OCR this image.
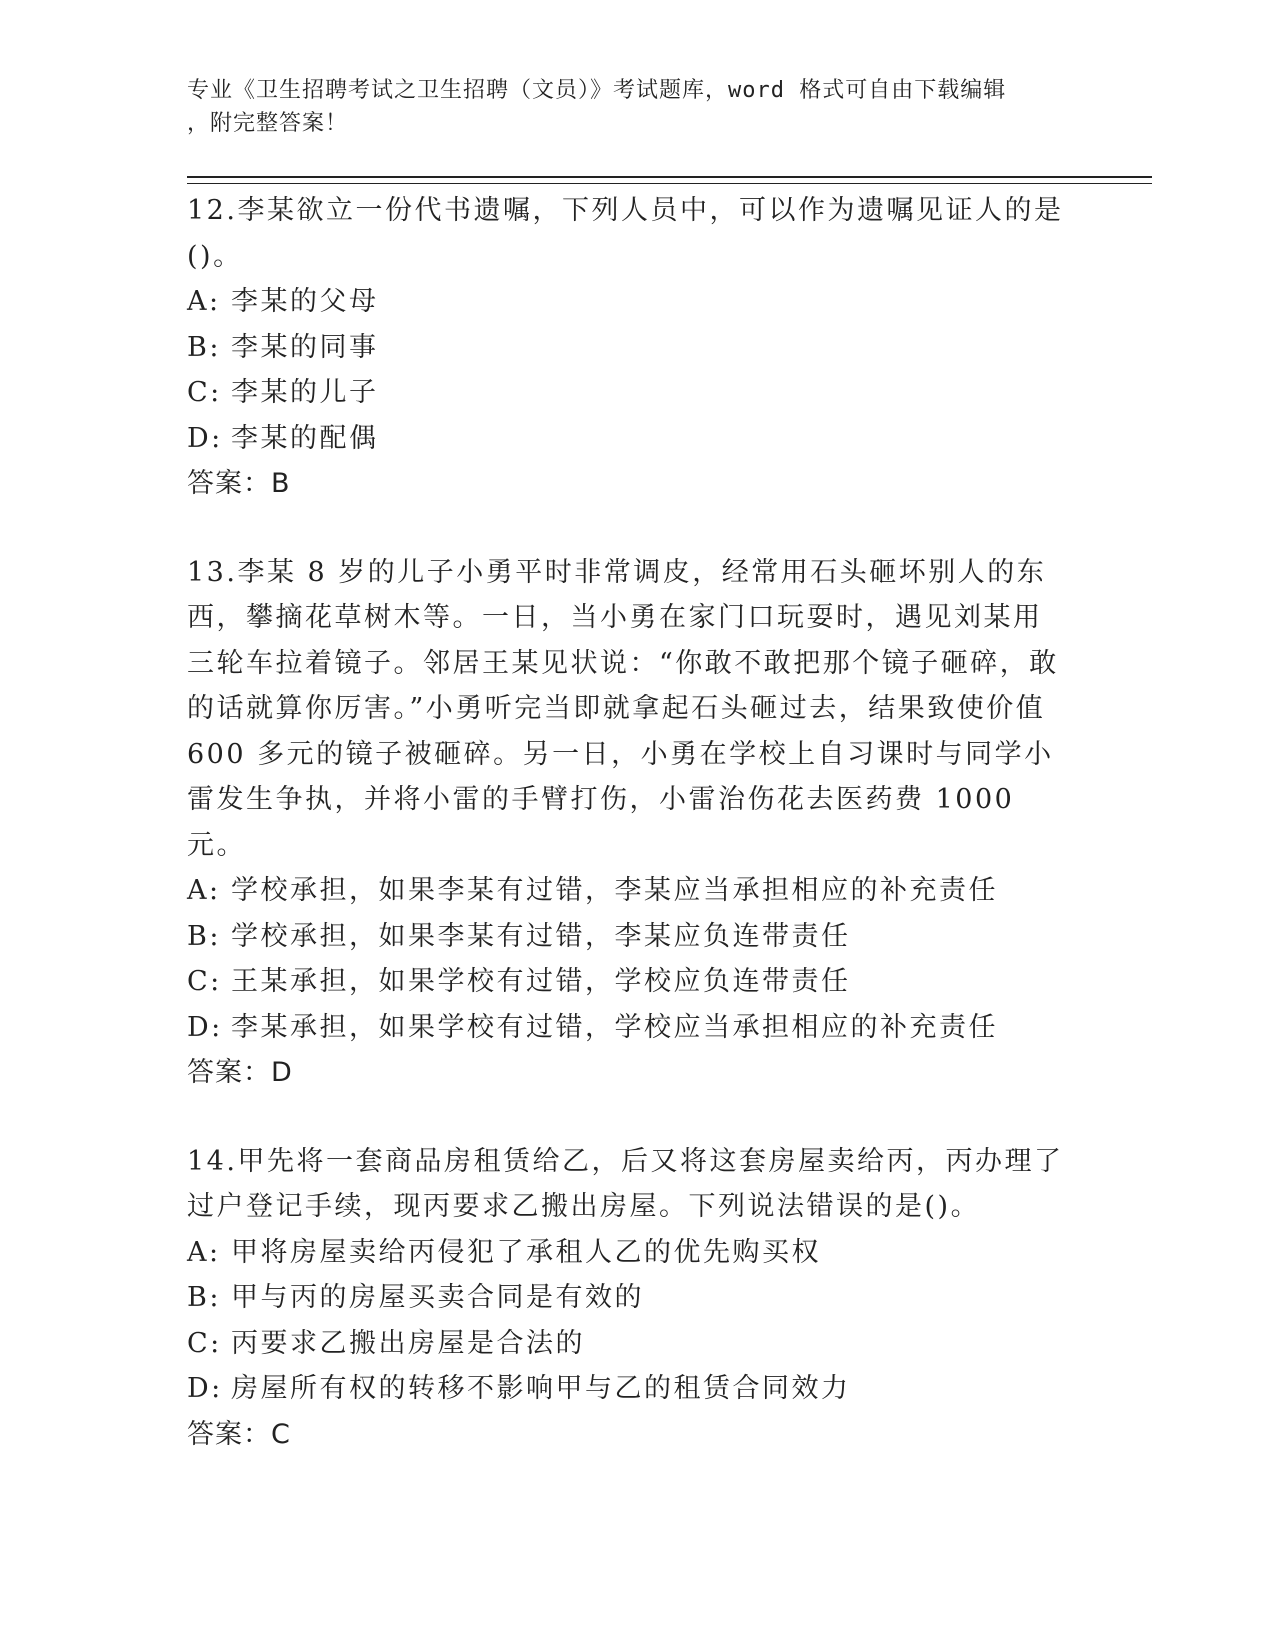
专业《卫生招聘考试之卫生招聘（文员）》考试题库，word 格式可自由下载编辑
，附完整答案！

12.李某欲立一份代书遗嘱，下列人员中，可以作为遗嘱见证人的是()。

A: 李某的父母
B: 李某的同事
C: 李某的儿子
D: 李某的配偶
答案：B

13.李某 8 岁的儿子小勇平时非常调皮，经常用石头砸坏别人的东西，攀摘花草树木等。一日，当小勇在家门口玩耍时，遇见刘某用三轮车拉着镜子。邻居王某见状说：“你敢不敢把那个镜子砸碎，敢的话就算你厉害。”小勇听完当即就拿起石头砸过去，结果致使价值 600 多元的镜子被砸碎。另一日，小勇在学校上自习课时与同学小雷发生争执，并将小雷的手臂打伤，小雷治伤花去医药费 1000 元。

A: 学校承担，如果李某有过错，李某应当承担相应的补充责任
B: 学校承担，如果李某有过错，李某应负连带责任
C: 王某承担，如果学校有过错，学校应负连带责任
D: 李某承担，如果学校有过错，学校应当承担相应的补充责任
答案：D

14.甲先将一套商品房租赁给乙，后又将这套房屋卖给丙，丙办理了过户登记手续，现丙要求乙搬出房屋。下列说法错误的是()。

A: 甲将房屋卖给丙侵犯了承租人乙的优先购买权
B: 甲与丙的房屋买卖合同是有效的
C: 丙要求乙搬出房屋是合法的
D: 房屋所有权的转移不影响甲与乙的租赁合同效力
答案：C
